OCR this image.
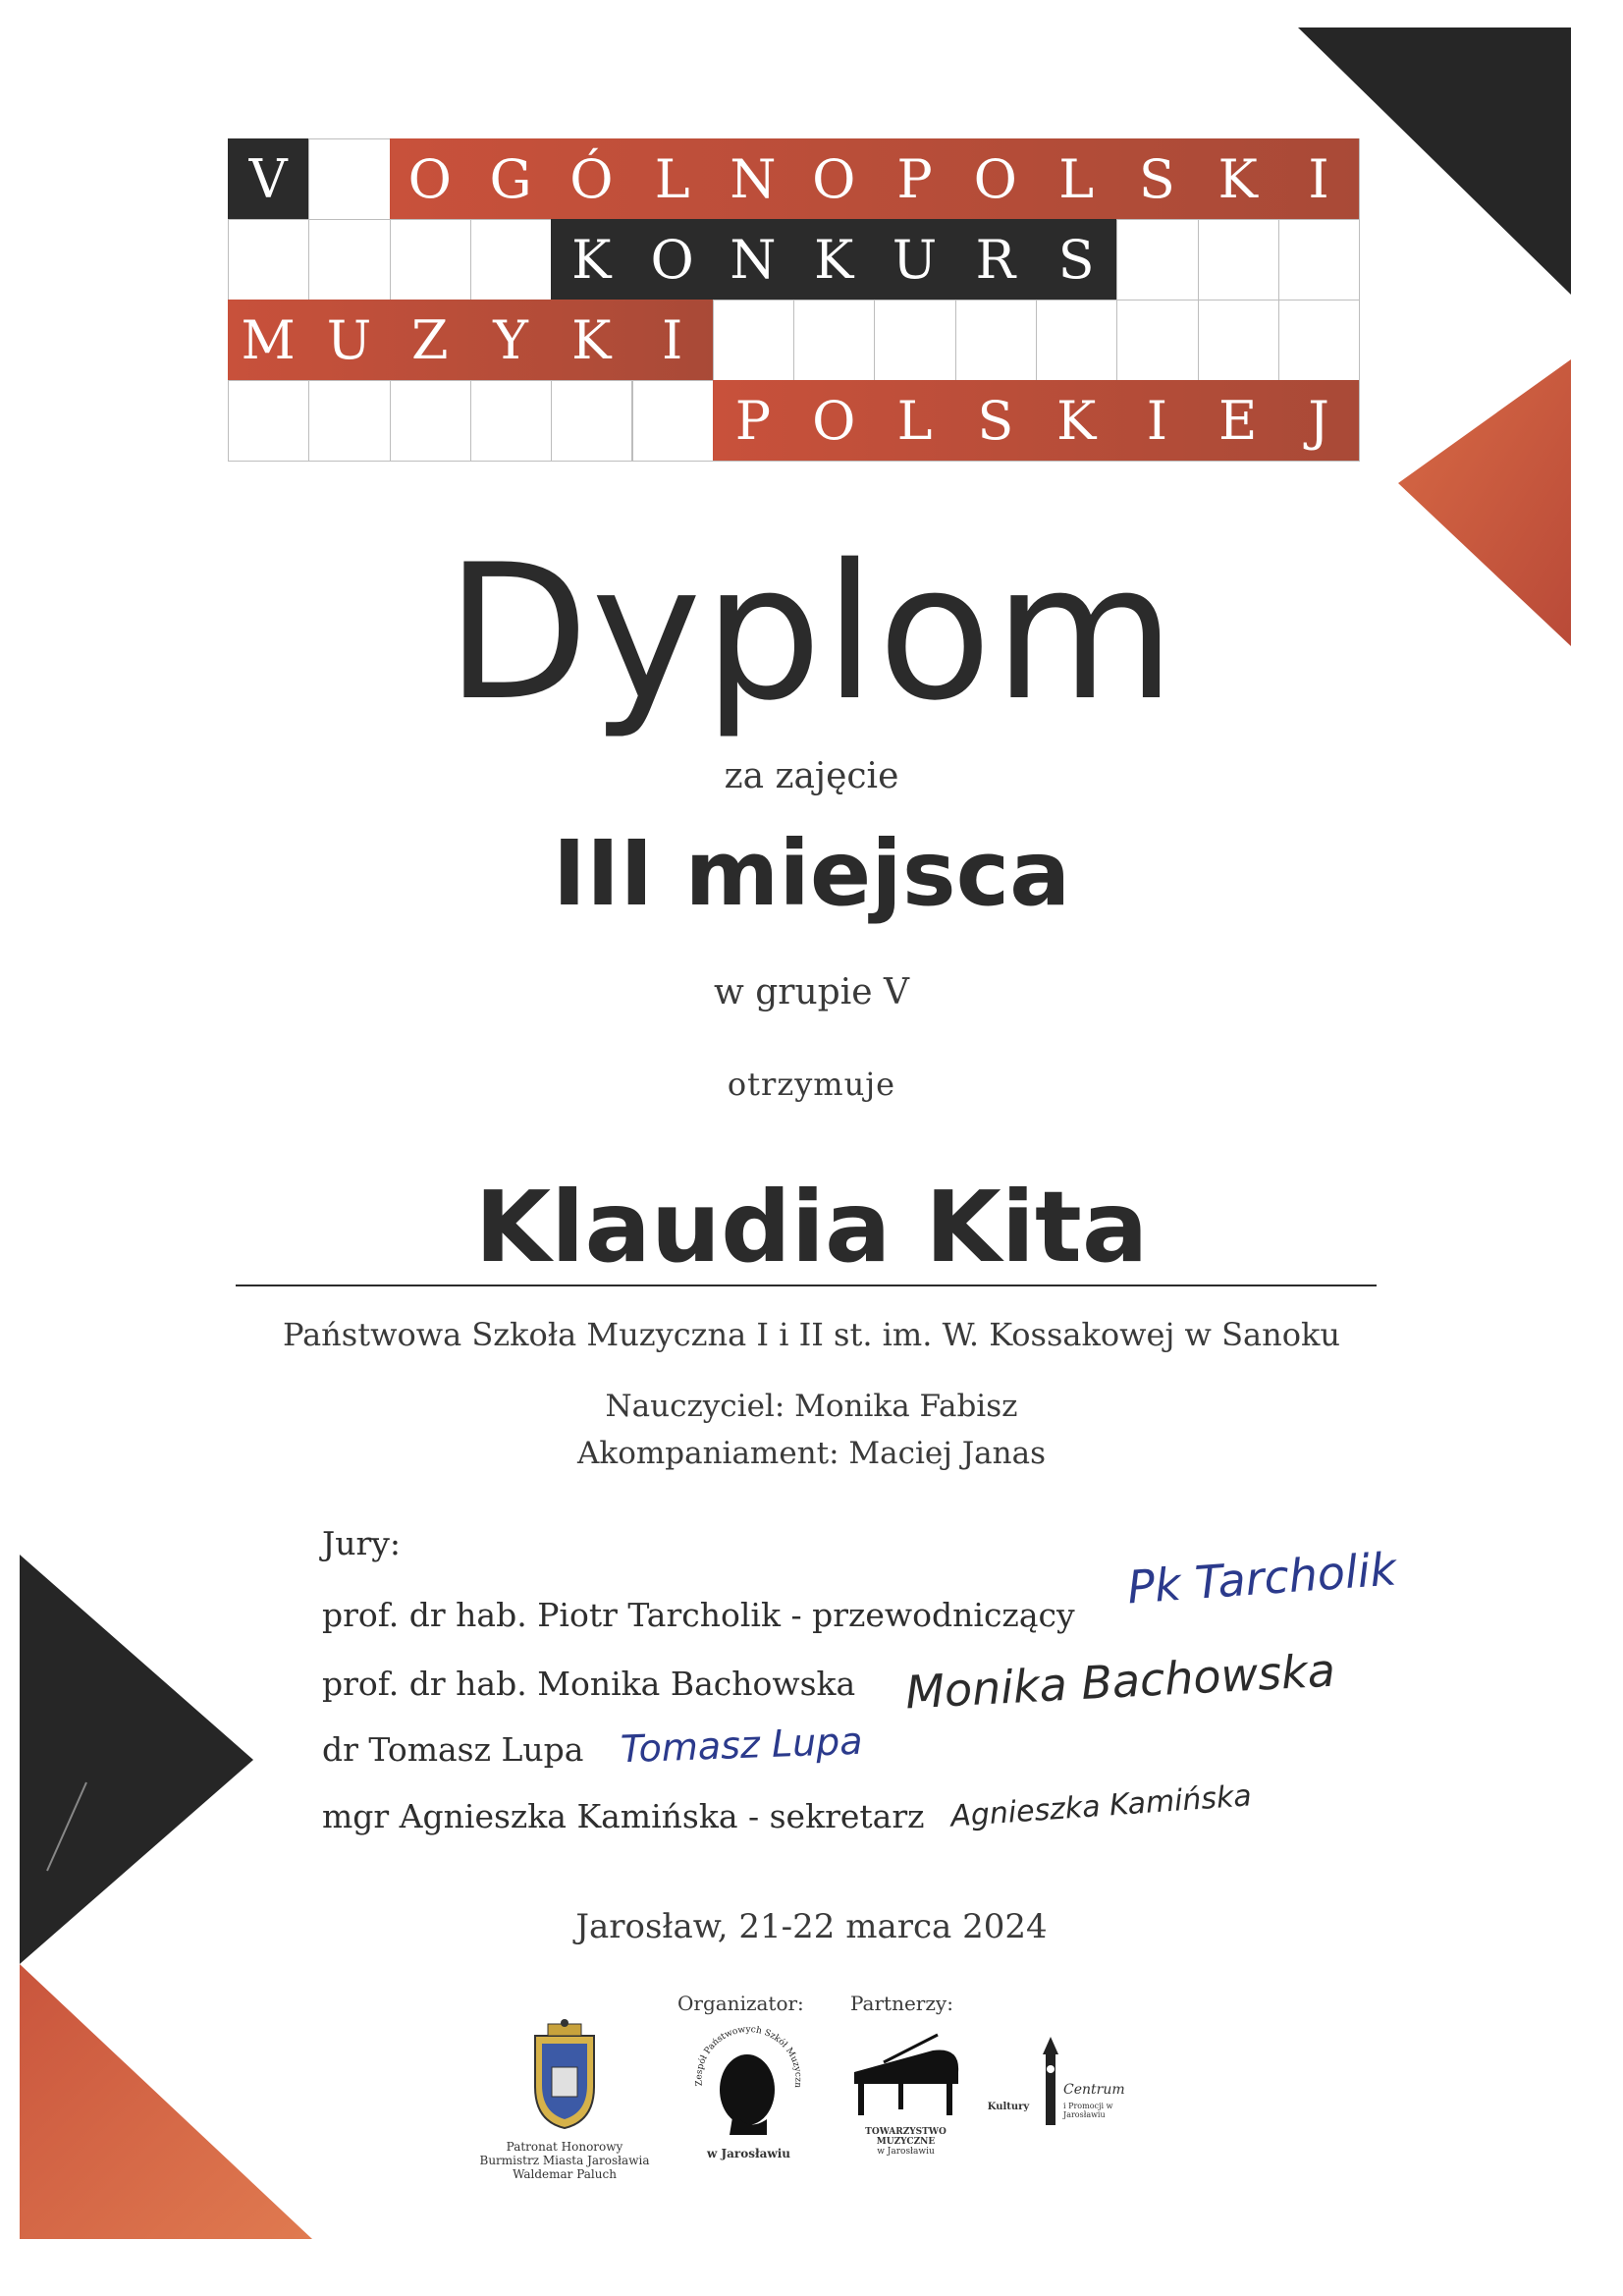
V	O G Ó L N O P O L S K I
K O N K U R S
M U Z Y K I
P O L S K I E J
Dyplom
za zajęcie
III miejsca
w grupie V
otrzymuje
Klaudia Kita
Państwowa Szkoła Muzyczna I i II st. im. W. Kossakowej w Sanoku
Nauczyciel: Monika Fabisz
Akompaniament: Maciej Janas
Jury:
prof. dr hab. Piotr Tarcholik - przewodniczący
prof. dr hab. Monika Bachowska
dr Tomasz Lupa
mgr Agnieszka Kamińska - sekretarz
Pk Tarcholik
Monika Bachowska
Tomasz Lupa
Agnieszka Kamińska
Jarosław, 21-22 marca 2024
Organizator: Partnerzy:
Patronat Honorowy
Burmistrz Miasta Jarosławia
Waldemar Paluch
Zespół Państwowych Szkół Muzyczn
w Jarosławiu
TOWARZYSTWO
MUZYCZNE
w Jarosławiu
Centrum
Kultury	i Promocji w Jarosławiu
